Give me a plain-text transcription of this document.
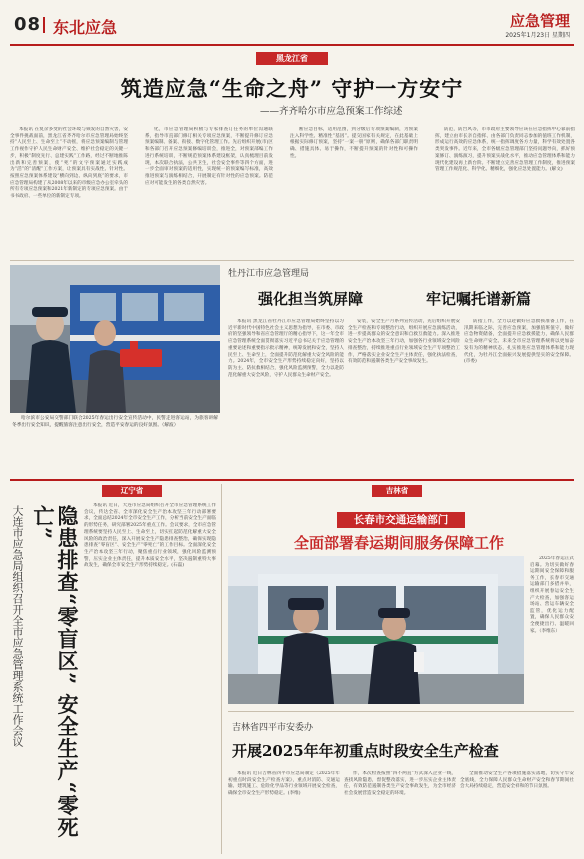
08 东北应急	应急管理
2025年1月23日 星期四
黑龙江省
筑造应急“生命之舟” 守护一方安宁
——齐齐哈尔市应急预案工作综述
本报讯 在复杂多变的社会环境与频发的自然灾害，安全事件挑战面前，黑龙江省齐齐哈尔市应急管理局始终坚持“人民至上、生命至上”不动摇，将应急预案编制与管理工作视作守护人民生命财产安全、维护社会稳定的关键一步，积极“制度先行、总建实践”工作路，经过不断地推陈出新和完善预案，使“死”的文字预案通过实践成为“活”的“清醒”工作方案，让预案具有实战性、针对性。按照应急预案体系建设“横向到边、纵向到底”的要求，市应急管理局构建了从2008年以来的市级应急办公室牵头的所有专项应急预案和2021年新制定的专项应急预案。由于书书政府、一些单位的新制定专项。
化，市应急管理局积极与专家排查订任务的单位沟通联系，指导市直部门修订相关专项应急预案，不断提升修订应急预案编制、备案、衔接、数字化管理工作。先后组织开展(市)区和各部门召开应急预案修编培训会，推进全，对预案部编工作进行系统培训，不断规范预案体系建设框架，认真梳理目前发现，本次联合执法，公共卫生，社会安全事件等四个方面，进一步全面审对预案的适用性，实现统一的预案编写标准，高效推进预案与演练相结合，开展制定有针对性的应急预案。防范应对可能发生的各类自然灾害。
断应急目标，适用范围，到分级后专项预案编制，为预案注入科学性、精准性“基因”。提交国家有关规定，在此基础上根据实际修订预案，坚持“一案一册”原则，确保各部门职责明确、措施具体、易于操作，不断提升预案的针对性和可操作性。
防范，防台风等，市市政府主要领导应该在应急指挥中心靠前指挥，建立由市长亲自指挥、由各部门负责同志参加的值班工作机制，形成运行高效的应急体系，统一指挥调度各方力量，科学有效处置各类突发事件。近年来，全市各级应急管理部门坚持问题导向，抓好预案修订、演练演习，提升预案实战化水平，推动应急管理体系和能力现代化建设再上新台阶。不断建立完善应急管理工作制度，推进预案管理工作规范化、科学化、精细化，强化应急处置能力。(解文)
哈尔滨市公安局交警部门联合2025年春运出行安全宣传活动中，民警走进客运站，为旅客讲解冬季出行安全知识，提醒旅客注意出行安全，营造平安春运的良好氛围。（解波）
牡丹江市应急管理局
强化担当筑屏障	牢记嘱托谱新篇
本报讯 黑龙江省牡丹江市应急管理局始终坚持以习近平新时代中国特色社会主义思想为指导，在市委、市政府的坚强领导和省应急管理厅的精心指导下，这一年全市应急管理系统全面贯彻落实习近平总书记关于应急管理的重要论述和重要指示批示精神，统筹发展和安全，坚持人民至上、生命至上，全面提升防范化解重大安全风险的能力。2024年，全市安全生产形势持续稳定向好，坚持以防为主、防抗救相结合，强化风险监测预警，全力以赴防范化解重大安全风险，守护人民群众生命财产安全。
安装，安全生产月系列宣传活动，先后组织开展安全生产检查和专项整治行动，组织开展应急演练活动，进一步提高群众的安全意识和自救互救能力。深入推进安全生产治本攻坚三年行动，加强各行业领域安全风险排查整治，持续推进重点行业领域安全生产专项整治工作，严格落实企业安全生产主体责任，强化执法检查，有效防范和遏制各类生产安全事故发生。
防指工作，全力以赴做好应急救援准备工作，在汛期来临之际，完善应急预案，加强值班值守，做好应急物资储备，全面提升应急救援能力，确保人民群众生命财产安全。未来全市应急管理系统将以更加奋发有为的精神状态，扎实推进应急管理体系和能力现代化，为牡丹江全面振兴发展提供坚实的安全保障。(市委)
辽宁省
隐患排查“零盲区” 安全生产“零死亡”
大连市应急局组织召开全市应急管理系统工作会议	本报讯 近日，大连市应急局组织召开全市应急管理系统工作会议，传达全省、全市深化安全生产治本攻坚三年行动部署要求，全面总结2024年全市安全生产工作，分析当前安全生产面临的形势任务，研究部署2025年重点工作。会议要求，全市应急管理系统要坚持人民至上、生命至上，切实扛起防范化解重大安全风险的政治责任，深入开展安全生产隐患排查整治，确保实现隐患排查“零盲区”、安全生产“零死亡”的工作目标。全面深化安全生产治本攻坚三年行动，聚焦重点行业领域，强化风险监测预警，压实企业主体责任，提升本质安全水平，坚决遏制重特大事故发生，确保全市安全生产形势持续稳定。(石磊)
吉林省
长春市交通运输部门
全面部署春运期间服务保障工作
2025年春运正式启幕。为切实做好春运期间安全保障和服务工作，长春市交通运输部门多措并举，组织开展春运安全生产大检查，加强客运场站、营运车辆安全监管，优化运力配置，确保人民群众安全便捷出行、温暖回家。（李维东）
吉林省四平市安委办
开展2025年年初重点时段安全生产检查
本报讯 近日吉林省四平市应急局制定《2025年年初重点时段安全生产检查方案》，重点对消防、交通运输、建筑施工、危险化学品等行业领域开展安全检查，确保全市安全生产形势稳定。(李维)
作，本次检查按照“四不两直”方式深入企业一线，查找风险隐患，督促整改落实，进一步压实企业主体责任，有效防范遏制各类生产安全事故发生，为全市经济社会发展营造安全稳定的环境。
全面推动安全生产各项措施落实落地，切实守牢安全底线，全力保障人民群众生命财产安全和春节期间社会大局持续稳定，营造安全祥和的节日氛围。
